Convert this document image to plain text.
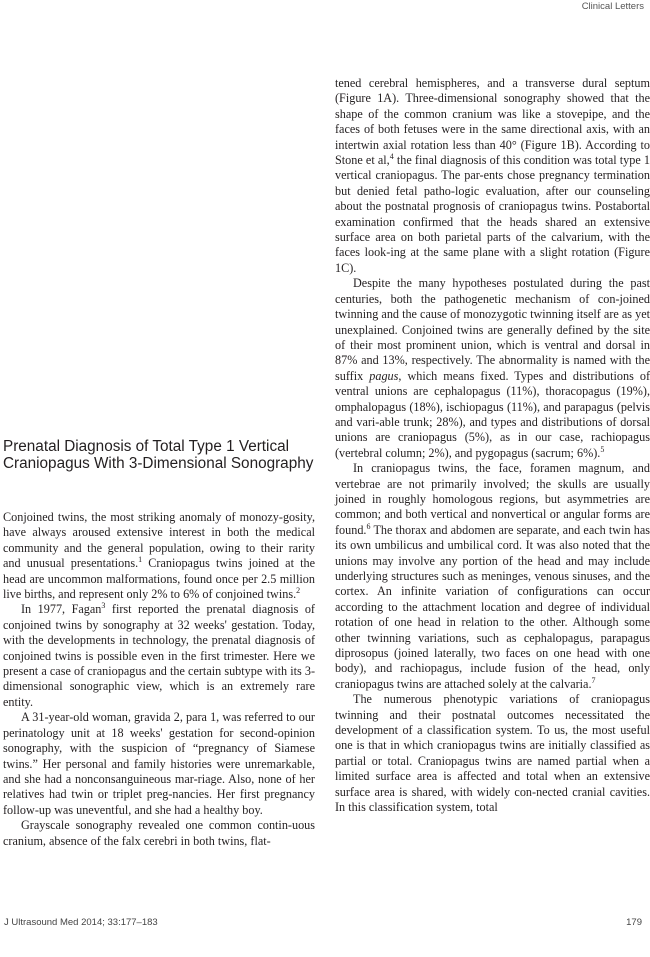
Clinical Letters
Prenatal Diagnosis of Total Type 1 Vertical Craniopagus With 3-Dimensional Sonography

Conjoined twins, the most striking anomaly of monozy-gosity, have always aroused extensive interest in both the medical community and the general population, owing to their rarity and unusual presentations.$^1$ Craniopagus twins joined at the head are uncommon malformations, found once per 2.5 million live births, and represent only 2% to 6% of conjoined twins.$^2$

In 1977, Fagan$^3$ first reported the prenatal diagnosis of conjoined twins by sonography at 32 weeks' gestation. Today, with the developments in technology, the prenatal diagnosis of conjoined twins is possible even in the first trimester. Here we present a case of craniopagus and the certain subtype with its 3-dimensional sonographic view, which is an extremely rare entity.

A 31-year-old woman, gravida 2, para 1, was referred to our perinatology unit at 18 weeks' gestation for second-opinion sonography, with the suspicion of “pregnancy of Siamese twins.” Her personal and family histories were unremarkable, and she had a nonconsanguineous mar-riage. Also, none of her relatives had twin or triplet preg-nancies. Her first pregnancy follow-up was uneventful, and she had a healthy boy.

Grayscale sonography revealed one common contin-uous cranium, absence of the falx cerebri in both twins, flat-

tened cerebral hemispheres, and a transverse dural septum (Figure 1A). Three-dimensional sonography showed that the shape of the common cranium was like a stovepipe, and the faces of both fetuses were in the same directional axis, with an intertwin axial rotation less than 40° (Figure 1B). According to Stone et al,$^4$ the final diagnosis of this condition was total type 1 vertical craniopagus. The par-ents chose pregnancy termination but denied fetal patho-logic evaluation, after our counseling about the postnatal prognosis of craniopagus twins. Postabortal examination confirmed that the heads shared an extensive surface area on both parietal parts of the calvarium, with the faces look-ing at the same plane with a slight rotation (Figure 1C).

Despite the many hypotheses postulated during the past centuries, both the pathogenetic mechanism of con-joined twinning and the cause of monozygotic twinning itself are as yet unexplained. Conjoined twins are generally defined by the site of their most prominent union, which is ventral and dorsal in 87% and 13%, respectively. The abnormality is named with the suffix pagus, which means fixed. Types and distributions of ventral unions are cephalopagus (11%), thoracopagus (19%), omphalopagus (18%), ischiopagus (11%), and parapagus (pelvis and vari-able trunk; 28%), and types and distributions of dorsal unions are craniopagus (5%), as in our case, rachiopagus (vertebral column; 2%), and pygopagus (sacrum; 6%).$^5$

In craniopagus twins, the face, foramen magnum, and vertebrae are not primarily involved; the skulls are usually joined in roughly homologous regions, but asymmetries are common; and both vertical and nonvertical or angular forms are found.$^6$ The thorax and abdomen are separate, and each twin has its own umbilicus and umbilical cord. It was also noted that the unions may involve any portion of the head and may include underlying structures such as meninges, venous sinuses, and the cortex. An infinite variation of configurations can occur according to the attachment location and degree of individual rotation of one head in relation to the other. Although some other twinning variations, such as cephalopagus, parapagus diprosopus (joined laterally, two faces on one head with one body), and rachiopagus, include fusion of the head, only craniopagus twins are attached solely at the calvaria.$^7$

The numerous phenotypic variations of craniopagus twinning and their postnatal outcomes necessitated the development of a classification system. To us, the most useful one is that in which craniopagus twins are initially classified as partial or total. Craniopagus twins are named partial when a limited surface area is affected and total when an extensive surface area is shared, with widely con-nected cranial cavities. In this classification system, total

J Ultrasound Med 2014; 33:177–183	179
